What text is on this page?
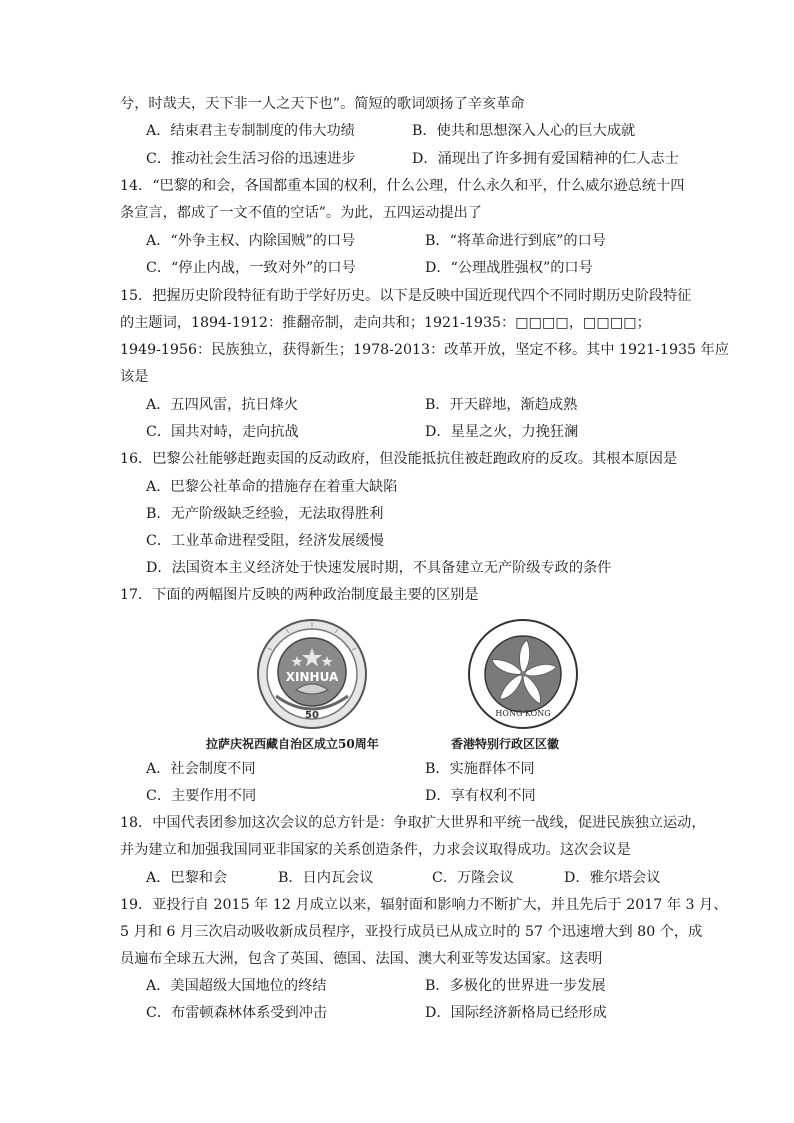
兮，时哉夫，天下非一人之天下也”。简短的歌词颂扬了辛亥革命
A．结束君主专制制度的伟大功绩	B．使共和思想深入人心的巨大成就
C．推动社会生活习俗的迅速进步	D．涌现出了许多拥有爱国精神的仁人志士
14．“巴黎的和会，各国都重本国的权利，什么公理，什么永久和平，什么威尔逊总统十四
条宣言，都成了一文不值的空话”。为此，五四运动提出了
A．“外争主权、内除国贼”的口号	B．“将革命进行到底”的口号
C．“停止内战，一致对外”的口号	D．“公理战胜强权”的口号
15．把握历史阶段特征有助于学好历史。以下是反映中国近现代四个不同时期历史阶段特征
的主题词，1894-1912：推翻帝制，走向共和；1921-1935：□□□□，□□□□；
1949-1956：民族独立，获得新生；1978-2013：改革开放，坚定不移。其中 1921-1935 年应
该是
A．五四风雷，抗日烽火	B．开天辟地，渐趋成熟
C．国共对峙，走向抗战	D．星星之火，力挽狂澜
16．巴黎公社能够赶跑卖国的反动政府，但没能抵抗住被赶跑政府的反攻。其根本原因是
A．巴黎公社革命的措施存在着重大缺陷
B．无产阶级缺乏经验，无法取得胜利
C．工业革命进程受阻，经济发展缓慢
D．法国资本主义经济处于快速发展时期，不具备建立无产阶级专政的条件
17．下面的两幅图片反映的两种政治制度最主要的区别是
XINHUA
50	HONG KONG
拉萨庆祝西藏自治区成立50周年	香港特别行政区区徽
A．社会制度不同	B．实施群体不同
C．主要作用不同	D．享有权利不同
18．中国代表团参加这次会议的总方针是：争取扩大世界和平统一战线，促进民族独立运动，
并为建立和加强我国同亚非国家的关系创造条件，力求会议取得成功。这次会议是
A．巴黎和会	B．日内瓦会议	C．万隆会议	D．雅尔塔会议
19．亚投行自 2015 年 12 月成立以来，辐射面和影响力不断扩大，并且先后于 2017 年 3 月、
5 月和 6 月三次启动吸收新成员程序，亚投行成员已从成立时的 57 个迅速增大到 80 个，成
员遍布全球五大洲，包含了英国、德国、法国、澳大利亚等发达国家。这表明
A．美国超级大国地位的终结	B．多极化的世界进一步发展
C．布雷顿森林体系受到冲击	D．国际经济新格局已经形成
